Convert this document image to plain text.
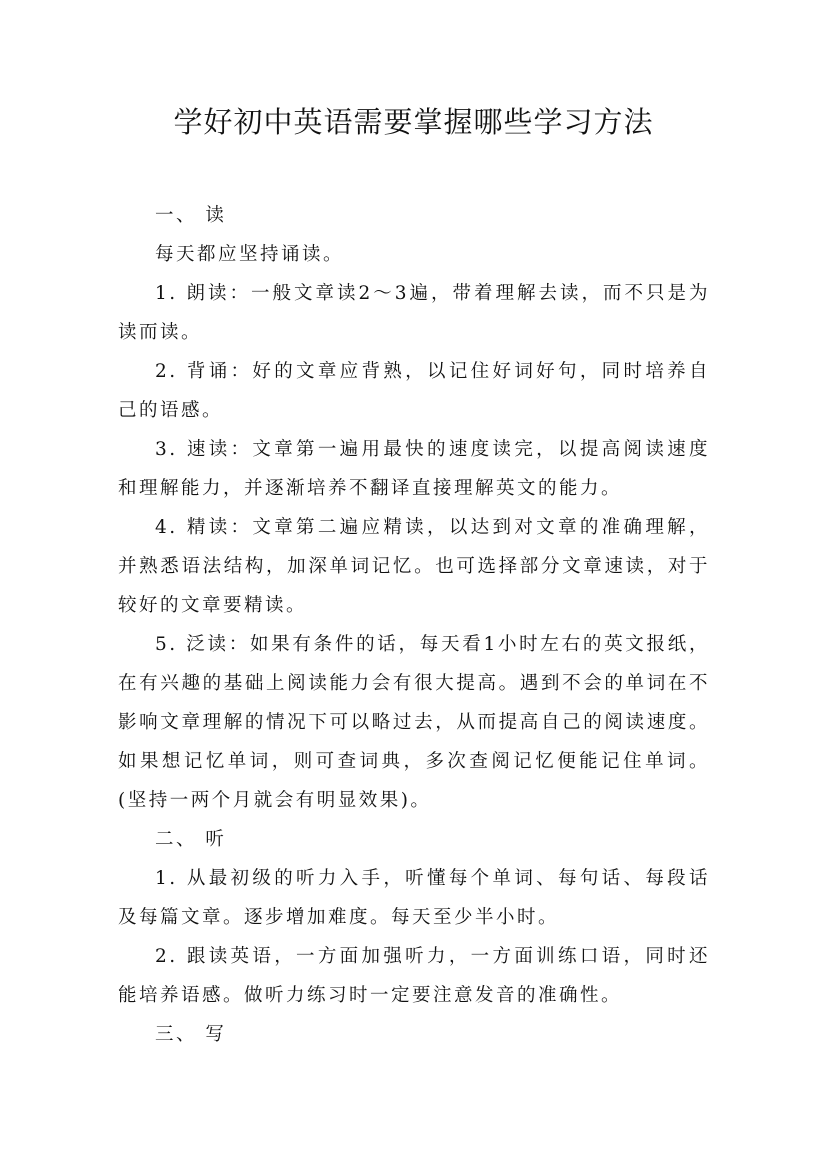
学好初中英语需要掌握哪些学习方法

一、 读

每天都应坚持诵读。

1. 朗读：一般文章读2～3遍，带着理解去读，而不只是为读而读。

2. 背诵：好的文章应背熟，以记住好词好句，同时培养自己的语感。

3. 速读：文章第一遍用最快的速度读完，以提高阅读速度和理解能力，并逐渐培养不翻译直接理解英文的能力。

4. 精读：文章第二遍应精读，以达到对文章的准确理解，并熟悉语法结构，加深单词记忆。也可选择部分文章速读，对于较好的文章要精读。

5. 泛读：如果有条件的话，每天看1小时左右的英文报纸，在有兴趣的基础上阅读能力会有很大提高。遇到不会的单词在不影响文章理解的情况下可以略过去，从而提高自己的阅读速度。如果想记忆单词，则可查词典，多次查阅记忆便能记住单词。(坚持一两个月就会有明显效果)。

二、 听

1. 从最初级的听力入手，听懂每个单词、每句话、每段话及每篇文章。逐步增加难度。每天至少半小时。

2. 跟读英语，一方面加强听力，一方面训练口语，同时还能培养语感。做听力练习时一定要注意发音的准确性。

三、 写
